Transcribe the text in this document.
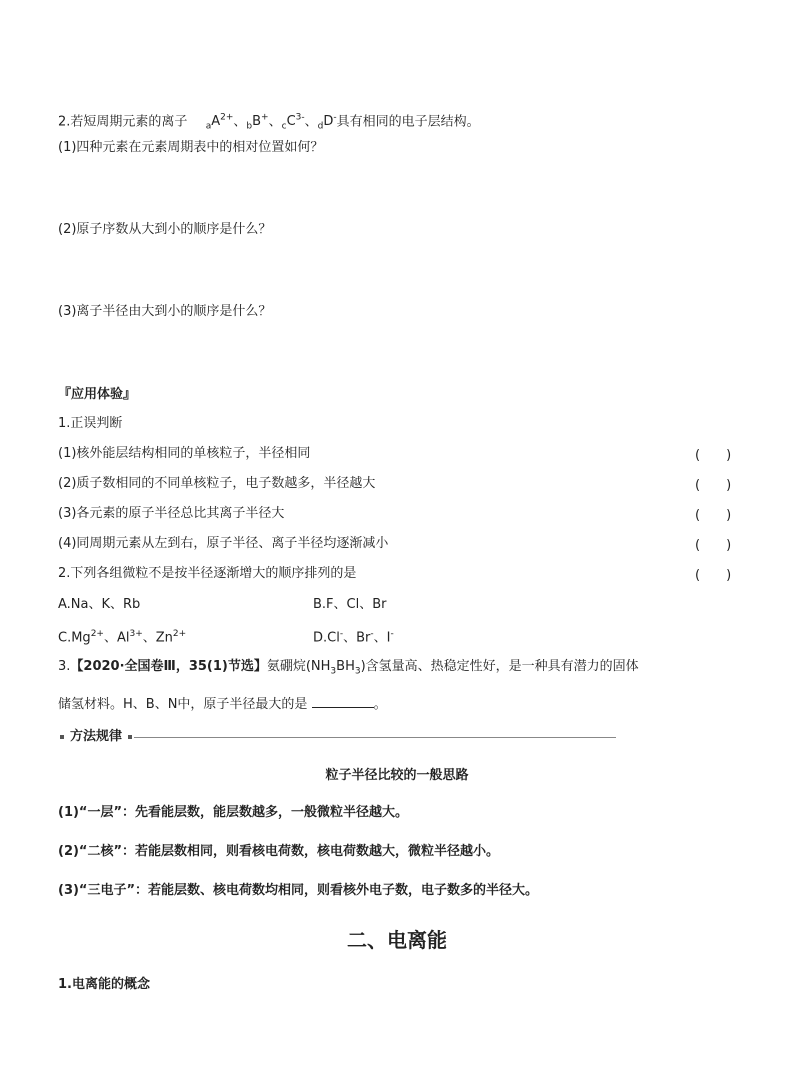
2.若短周期元素的离子 $_aA^{2+}$、$_b$B+、$_cC^{3-}$、$_d$D-具有相同的电子层结构。
(1)四种元素在元素周期表中的相对位置如何？
(2)原子序数从大到小的顺序是什么？
(3)离子半径由大到小的顺序是什么？
『应用体验』
1.正误判断
(1)核外能层结构相同的单核粒子，半径相同	(　　)
(2)质子数相同的不同单核粒子，电子数越多，半径越大	(　　)
(3)各元素的原子半径总比其离子半径大	(　　)
(4)同周期元素从左到右，原子半径、离子半径均逐渐减小	(　　)
2.下列各组微粒不是按半径逐渐增大的顺序排列的是	(　　)
A.Na、K、Rb	B.F、Cl、Br
$C.Mg^{2+}$、$Al^{3+}$、$Zn^{2+}$	D.Cl-、Br-、I-
3.【2020·全国卷Ⅲ，35(1)节选】氨硼烷$(NH_3BH_3)$含氢量高、热稳定性好，是一种具有潜力的固体
储氢材料。H、B、N中，原子半径最大的是	。
方法规律
粒子半径比较的一般思路
(1)“一层”：先看能层数，能层数越多，一般微粒半径越大。
(2)“二核”：若能层数相同，则看核电荷数，核电荷数越大，微粒半径越小。
(3)“三电子”：若能层数、核电荷数均相同，则看核外电子数，电子数多的半径大。
二、电离能
1.电离能的概念
